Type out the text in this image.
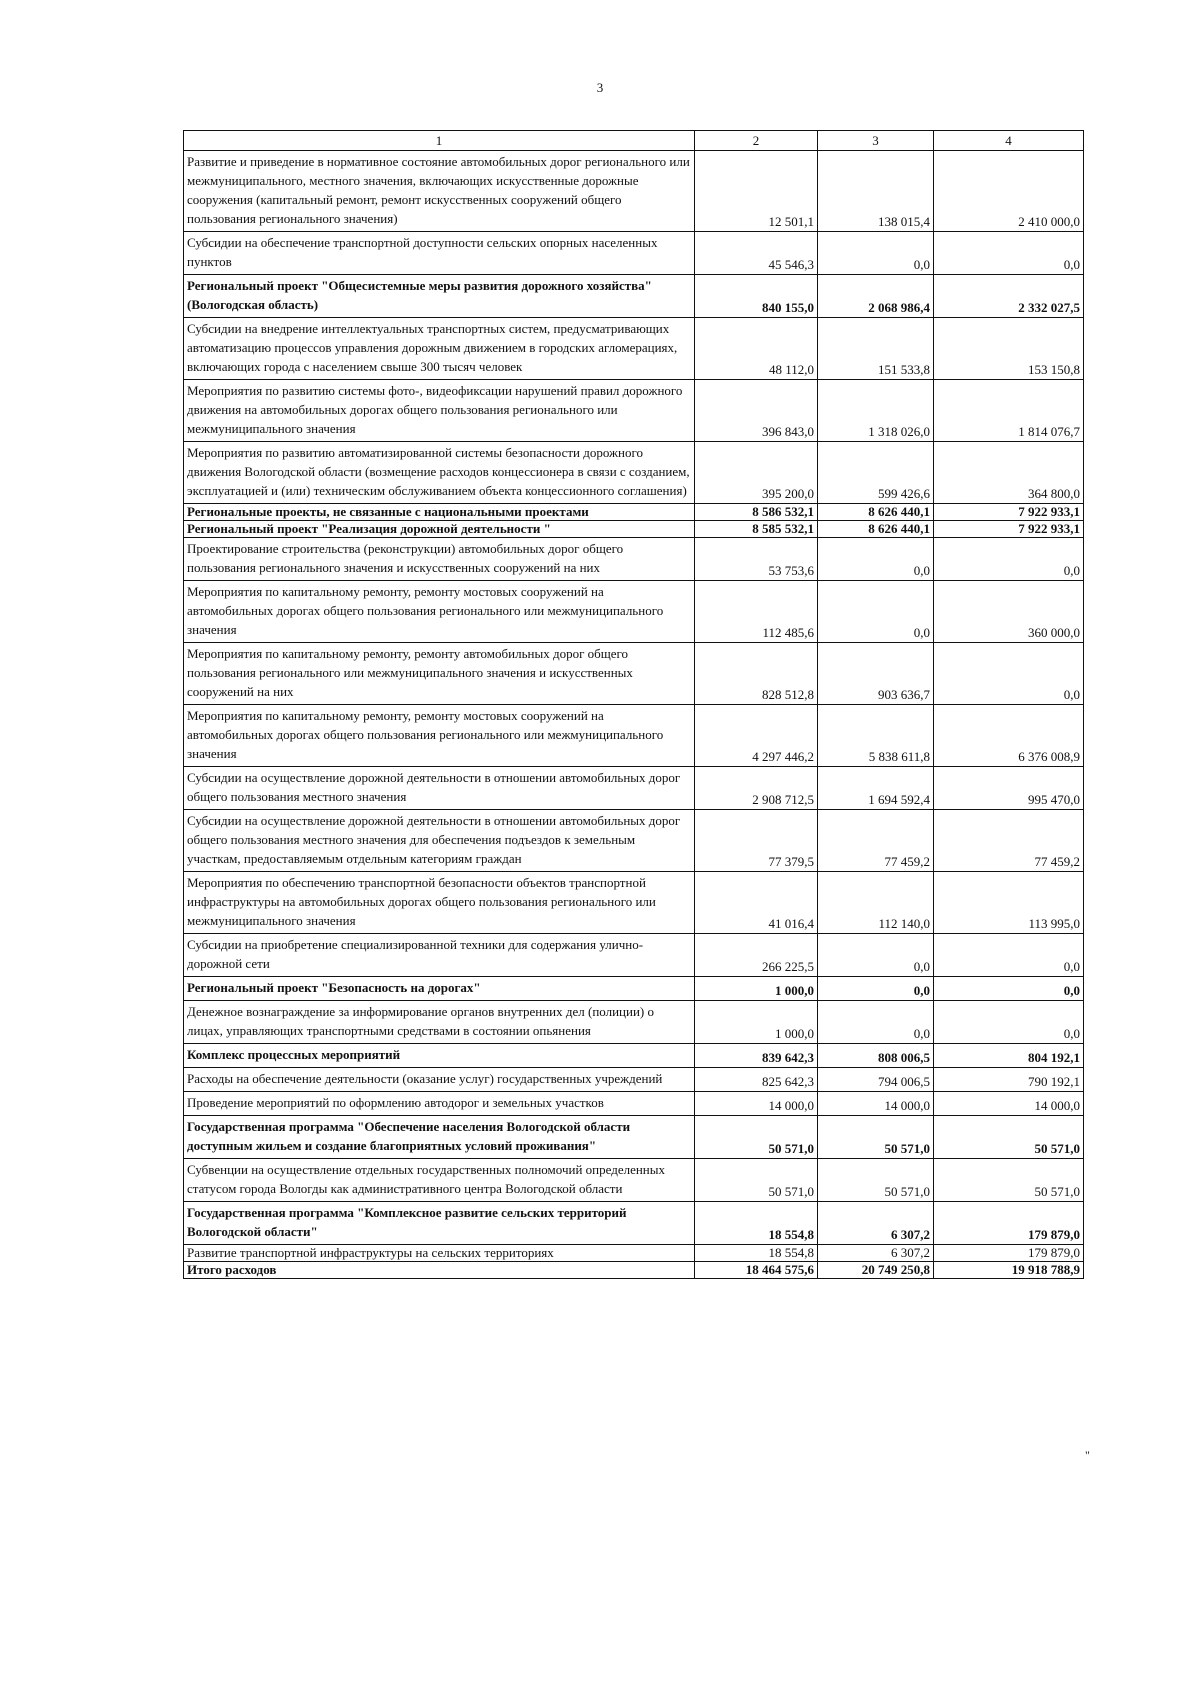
3
1	2	3	4
Развитие и приведение в нормативное состояние автомобильных дорог регионального или межмуниципального, местного значения, включающих искусственные дорожные сооружения (капитальный ремонт, ремонт искусственных сооружений общего пользования регионального значения)	12 501,1	138 015,4	2 410 000,0
Субсидии на обеспечение транспортной доступности сельских опорных населенных пунктов	45 546,3	0,0	0,0
Региональный проект "Общесистемные меры развития дорожного хозяйства" (Вологодская область)	840 155,0	2 068 986,4	2 332 027,5
Субсидии на внедрение интеллектуальных транспортных систем, предусматривающих автоматизацию процессов управления дорожным движением в городских агломерациях, включающих города с населением свыше 300 тысяч человек	48 112,0	151 533,8	153 150,8
Мероприятия по развитию системы фото-, видеофиксации нарушений правил дорожного движения на автомобильных дорогах общего пользования регионального или межмуниципального значения	396 843,0	1 318 026,0	1 814 076,7
Мероприятия по развитию автоматизированной системы безопасности дорожного движения Вологодской области (возмещение расходов концессионера в связи с созданием, эксплуатацией и (или) техническим обслуживанием объекта концессионного соглашения)	395 200,0	599 426,6	364 800,0
Региональные проекты, не связанные с национальными проектами	8 586 532,1	8 626 440,1	7 922 933,1
Региональный проект "Реализация дорожной деятельности "	8 585 532,1	8 626 440,1	7 922 933,1
Проектирование строительства (реконструкции) автомобильных дорог общего пользования регионального значения и искусственных сооружений на них	53 753,6	0,0	0,0
Мероприятия по капитальному ремонту, ремонту мостовых сооружений на автомобильных дорогах общего пользования регионального или межмуниципального значения	112 485,6	0,0	360 000,0
Мероприятия по капитальному ремонту, ремонту автомобильных дорог общего пользования регионального или межмуниципального значения и искусственных сооружений на них	828 512,8	903 636,7	0,0
Мероприятия по капитальному ремонту, ремонту мостовых сооружений на автомобильных дорогах общего пользования регионального или межмуниципального значения	4 297 446,2	5 838 611,8	6 376 008,9
Субсидии на осуществление дорожной деятельности в отношении автомобильных дорог общего пользования местного значения	2 908 712,5	1 694 592,4	995 470,0
Субсидии на осуществление дорожной деятельности в отношении автомобильных дорог общего пользования местного значения для обеспечения подъездов к земельным участкам, предоставляемым отдельным категориям граждан	77 379,5	77 459,2	77 459,2
Мероприятия по обеспечению транспортной безопасности объектов транспортной инфраструктуры на автомобильных дорогах общего пользования регионального или межмуниципального значения	41 016,4	112 140,0	113 995,0
Субсидии на приобретение специализированной техники для содержания улично-дорожной сети	266 225,5	0,0	0,0
Региональный проект "Безопасность на дорогах"	1 000,0	0,0	0,0
Денежное вознаграждение за информирование органов внутренних дел (полиции) о лицах, управляющих транспортными средствами в состоянии опьянения	1 000,0	0,0	0,0
Комплекс процессных мероприятий	839 642,3	808 006,5	804 192,1
Расходы на обеспечение деятельности (оказание услуг) государственных учреждений	825 642,3	794 006,5	790 192,1
Проведение мероприятий по оформлению автодорог и земельных участков	14 000,0	14 000,0	14 000,0
Государственная программа "Обеспечение населения Вологодской области доступным жильем и создание благоприятных условий проживания"	50 571,0	50 571,0	50 571,0
Субвенции на осуществление отдельных государственных полномочий определенных статусом города Вологды как административного центра Вологодской области	50 571,0	50 571,0	50 571,0
Государственная программа "Комплексное развитие сельских территорий Вологодской области"	18 554,8	6 307,2	179 879,0
Развитие транспортной инфраструктуры на сельских территориях	18 554,8	6 307,2	179 879,0
Итого расходов	18 464 575,6	20 749 250,8	19 918 788,9
"
